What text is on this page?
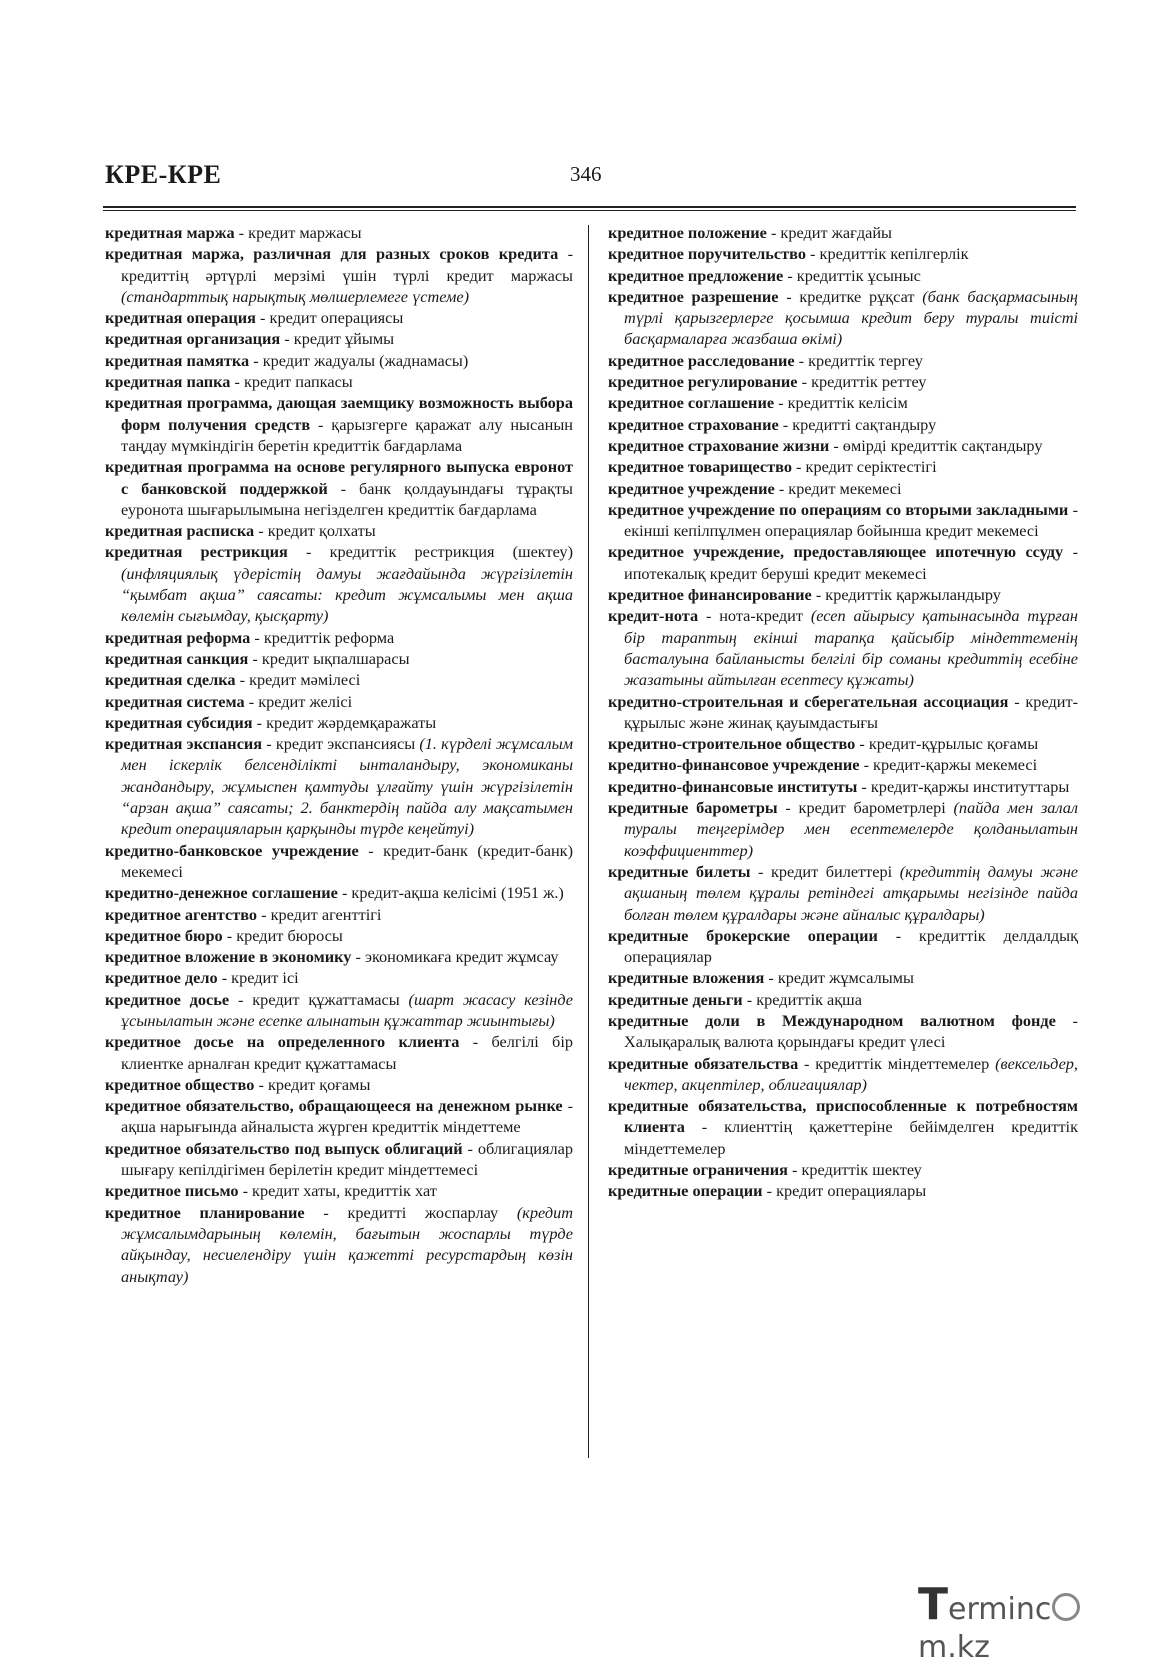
КРЕ-КРЕ	346

кредитная маржа - кредит маржасы

кредитная маржа, различная для разных сроков кредита - кредиттің әртүрлі мерзімі үшін түрлі кредит маржасы (стандарттық нарықтық мөлшерлемеге үстеме)

кредитная операция - кредит операциясы

кредитная организация - кредит ұйымы

кредитная памятка - кредит жадуалы (жаднамасы)

кредитная папка - кредит папкасы

кредитная программа, дающая заемщику возможность выбора форм получения средств - қарызгерге қаражат алу нысанын таңдау мүмкіндігін беретін кредиттік бағдарлама

кредитная программа на основе регулярного выпуска евронот с банковской поддержкой - банк қолдауындағы тұрақты еуронота шығарылымына негізделген кредиттік бағдарлама

кредитная расписка - кредит қолхаты

кредитная рестрикция - кредиттік рестрикция (шектеу) (инфляциялық үдерістің дамуы жағдайында жүргізілетін “қымбат ақша” саясаты: кредит жұмсалымы мен ақша көлемін сығымдау, қысқарту)

кредитная реформа - кредиттік реформа

кредитная санкция - кредит ықпалшарасы

кредитная сделка - кредит мәмілесі

кредитная система - кредит желісі

кредитная субсидия - кредит жәрдемқаражаты

кредитная экспансия - кредит экспансиясы (1. күрделі жұмсалым мен іскерлік белсенділікті ынталандыру, экономиканы жандандыру, жұмыспен қамтуды ұлғайту үшін жүргізілетін “арзан ақша” саясаты; 2. банктердің пайда алу мақсатымен кредит операцияларын қарқынды түрде кеңейтуі)

кредитно-банковское учреждение - кредит-банк (кредит-банк) мекемесі

кредитно-денежное соглашение - кредит-ақша келісімі (1951 ж.)

кредитное агентство - кредит агенттігі

кредитное бюро - кредит бюросы

кредитное вложение в экономику - экономикаға кредит жұмсау

кредитное дело - кредит ісі

кредитное досье - кредит құжаттамасы (шарт жасасу кезінде ұсынылатын және есепке алынатын құжаттар жиынтығы)

кредитное досье на определенного клиента - белгілі бір клиентке арналған кредит құжаттамасы

кредитное общество - кредит қоғамы

кредитное обязательство, обращающееся на денежном рынке - ақша нарығында айналыста жүрген кредиттік міндеттеме

кредитное обязательство под выпуск облигаций - облигациялар шығару кепілдігімен берілетін кредит міндеттемесі

кредитное письмо - кредит хаты, кредиттік хат

кредитное планирование - кредитті жоспарлау (кредит жұмсалымдарының көлемін, бағытын жоспарлы түрде айқындау, несиелендіру үшін қажетті ресурстардың көзін анықтау)

кредитное положение - кредит жағдайы

кредитное поручительство - кредиттік кепілгерлік

кредитное предложение - кредиттік ұсыныс

кредитное разрешение - кредитке рұқсат (банк басқармасының түрлі қарызгерлерге қосымша кредит беру туралы тиісті басқармаларға жазбаша өкімі)

кредитное расследование - кредиттік тергеу

кредитное регулирование - кредиттік реттеу

кредитное соглашение - кредиттік келісім

кредитное страхование - кредитті сақтандыру

кредитное страхование жизни - өмірді кредиттік сақтандыру

кредитное товарищество - кредит серіктестігі

кредитное учреждение - кредит мекемесі

кредитное учреждение по операциям со вторыми закладными - екінші кепілпұлмен операциялар бойынша кредит мекемесі

кредитное учреждение, предоставляющее ипотечную ссуду - ипотекалық кредит беруші кредит мекемесі

кредитное финансирование - кредиттік қаржыландыру

кредит-нота - нота-кредит (есеп айырысу қатынасында тұрған бір тараптың екінші тарапқа қайсыбір міндеттеменің басталуына байланысты белгілі бір соманы кредиттің есебіне жазатыны айтылған есептесу құжаты)

кредитно-строительная и сберегательная ассоциация - кредит-құрылыс және жинақ қауымдастығы

кредитно-строительное общество - кредит-құрылыс қоғамы

кредитно-финансовое учреждение - кредит-қаржы мекемесі

кредитно-финансовые институты - кредит-қаржы институттары

кредитные барометры - кредит барометрлері (пайда мен залал туралы теңгерімдер мен есептемелерде қолданылатын коэффициенттер)

кредитные билеты - кредит билеттері (кредиттің дамуы және ақшаның төлем құралы ретіндегі атқарымы негізінде пайда болған төлем құралдары және айналыс құралдары)

кредитные брокерские операции - кредиттік делдалдық операциялар

кредитные вложения - кредит жұмсалымы

кредитные деньги - кредиттік ақша

кредитные доли в Международном валютном фонде - Халықаралық валюта қорындағы кредит үлесі

кредитные обязательства - кредиттік міндеттемелер (вексельдер, чектер, акцептілер, облигациялар)

кредитные обязательства, приспособленные к потребностям клиента - клиенттің қажеттеріне бейімделген кредиттік міндеттемелер

кредитные ограничения - кредиттік шектеу

кредитные операции - кредит операциялары

Termincm.kz
